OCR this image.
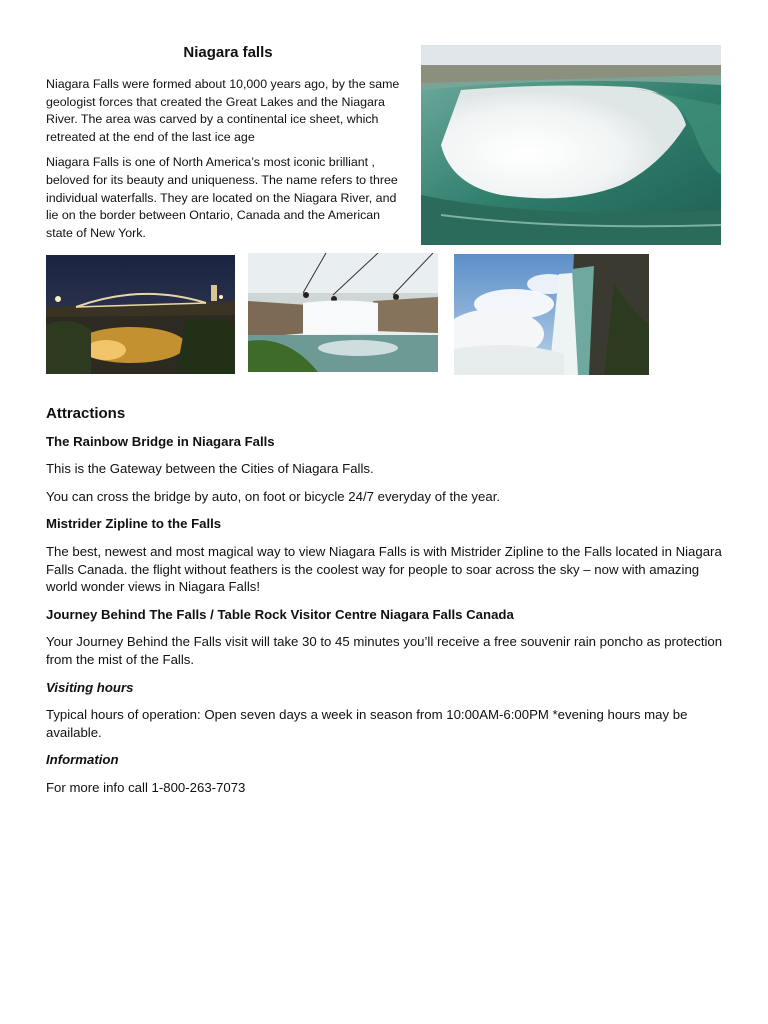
Niagara falls

Niagara Falls were formed about 10,000 years ago, by the same geologist forces that created the Great Lakes and the Niagara River. The area was carved by a continental ice sheet, which retreated at the end of the last ice age

Niagara Falls is one of North America’s most iconic brilliant , beloved for its beauty and uniqueness. The name refers to three individual waterfalls. They are located on the Niagara River, and lie on the border between Ontario, Canada and the American state of New York.

Attractions
The Rainbow Bridge in Niagara Falls
This is the Gateway between the Cities of Niagara Falls.
You can cross the bridge by auto, on foot or bicycle 24/7 everyday of the year.
Mistrider Zipline to the Falls
The best, newest and most magical way to view Niagara Falls is with Mistrider Zipline to the Falls located in Niagara Falls Canada. the flight without feathers is the coolest way for people to soar across the sky – now with amazing world wonder views in Niagara Falls!
Journey Behind The Falls / Table Rock Visitor Centre Niagara Falls Canada
Your Journey Behind the Falls visit will take 30 to 45 minutes you’ll receive a free souvenir rain poncho as protection from the mist of the Falls.
Visiting hours
Typical hours of operation: Open seven days a week in season from 10:00AM-6:00PM *evening hours may be available.
Information
For more info call 1-800-263-7073
